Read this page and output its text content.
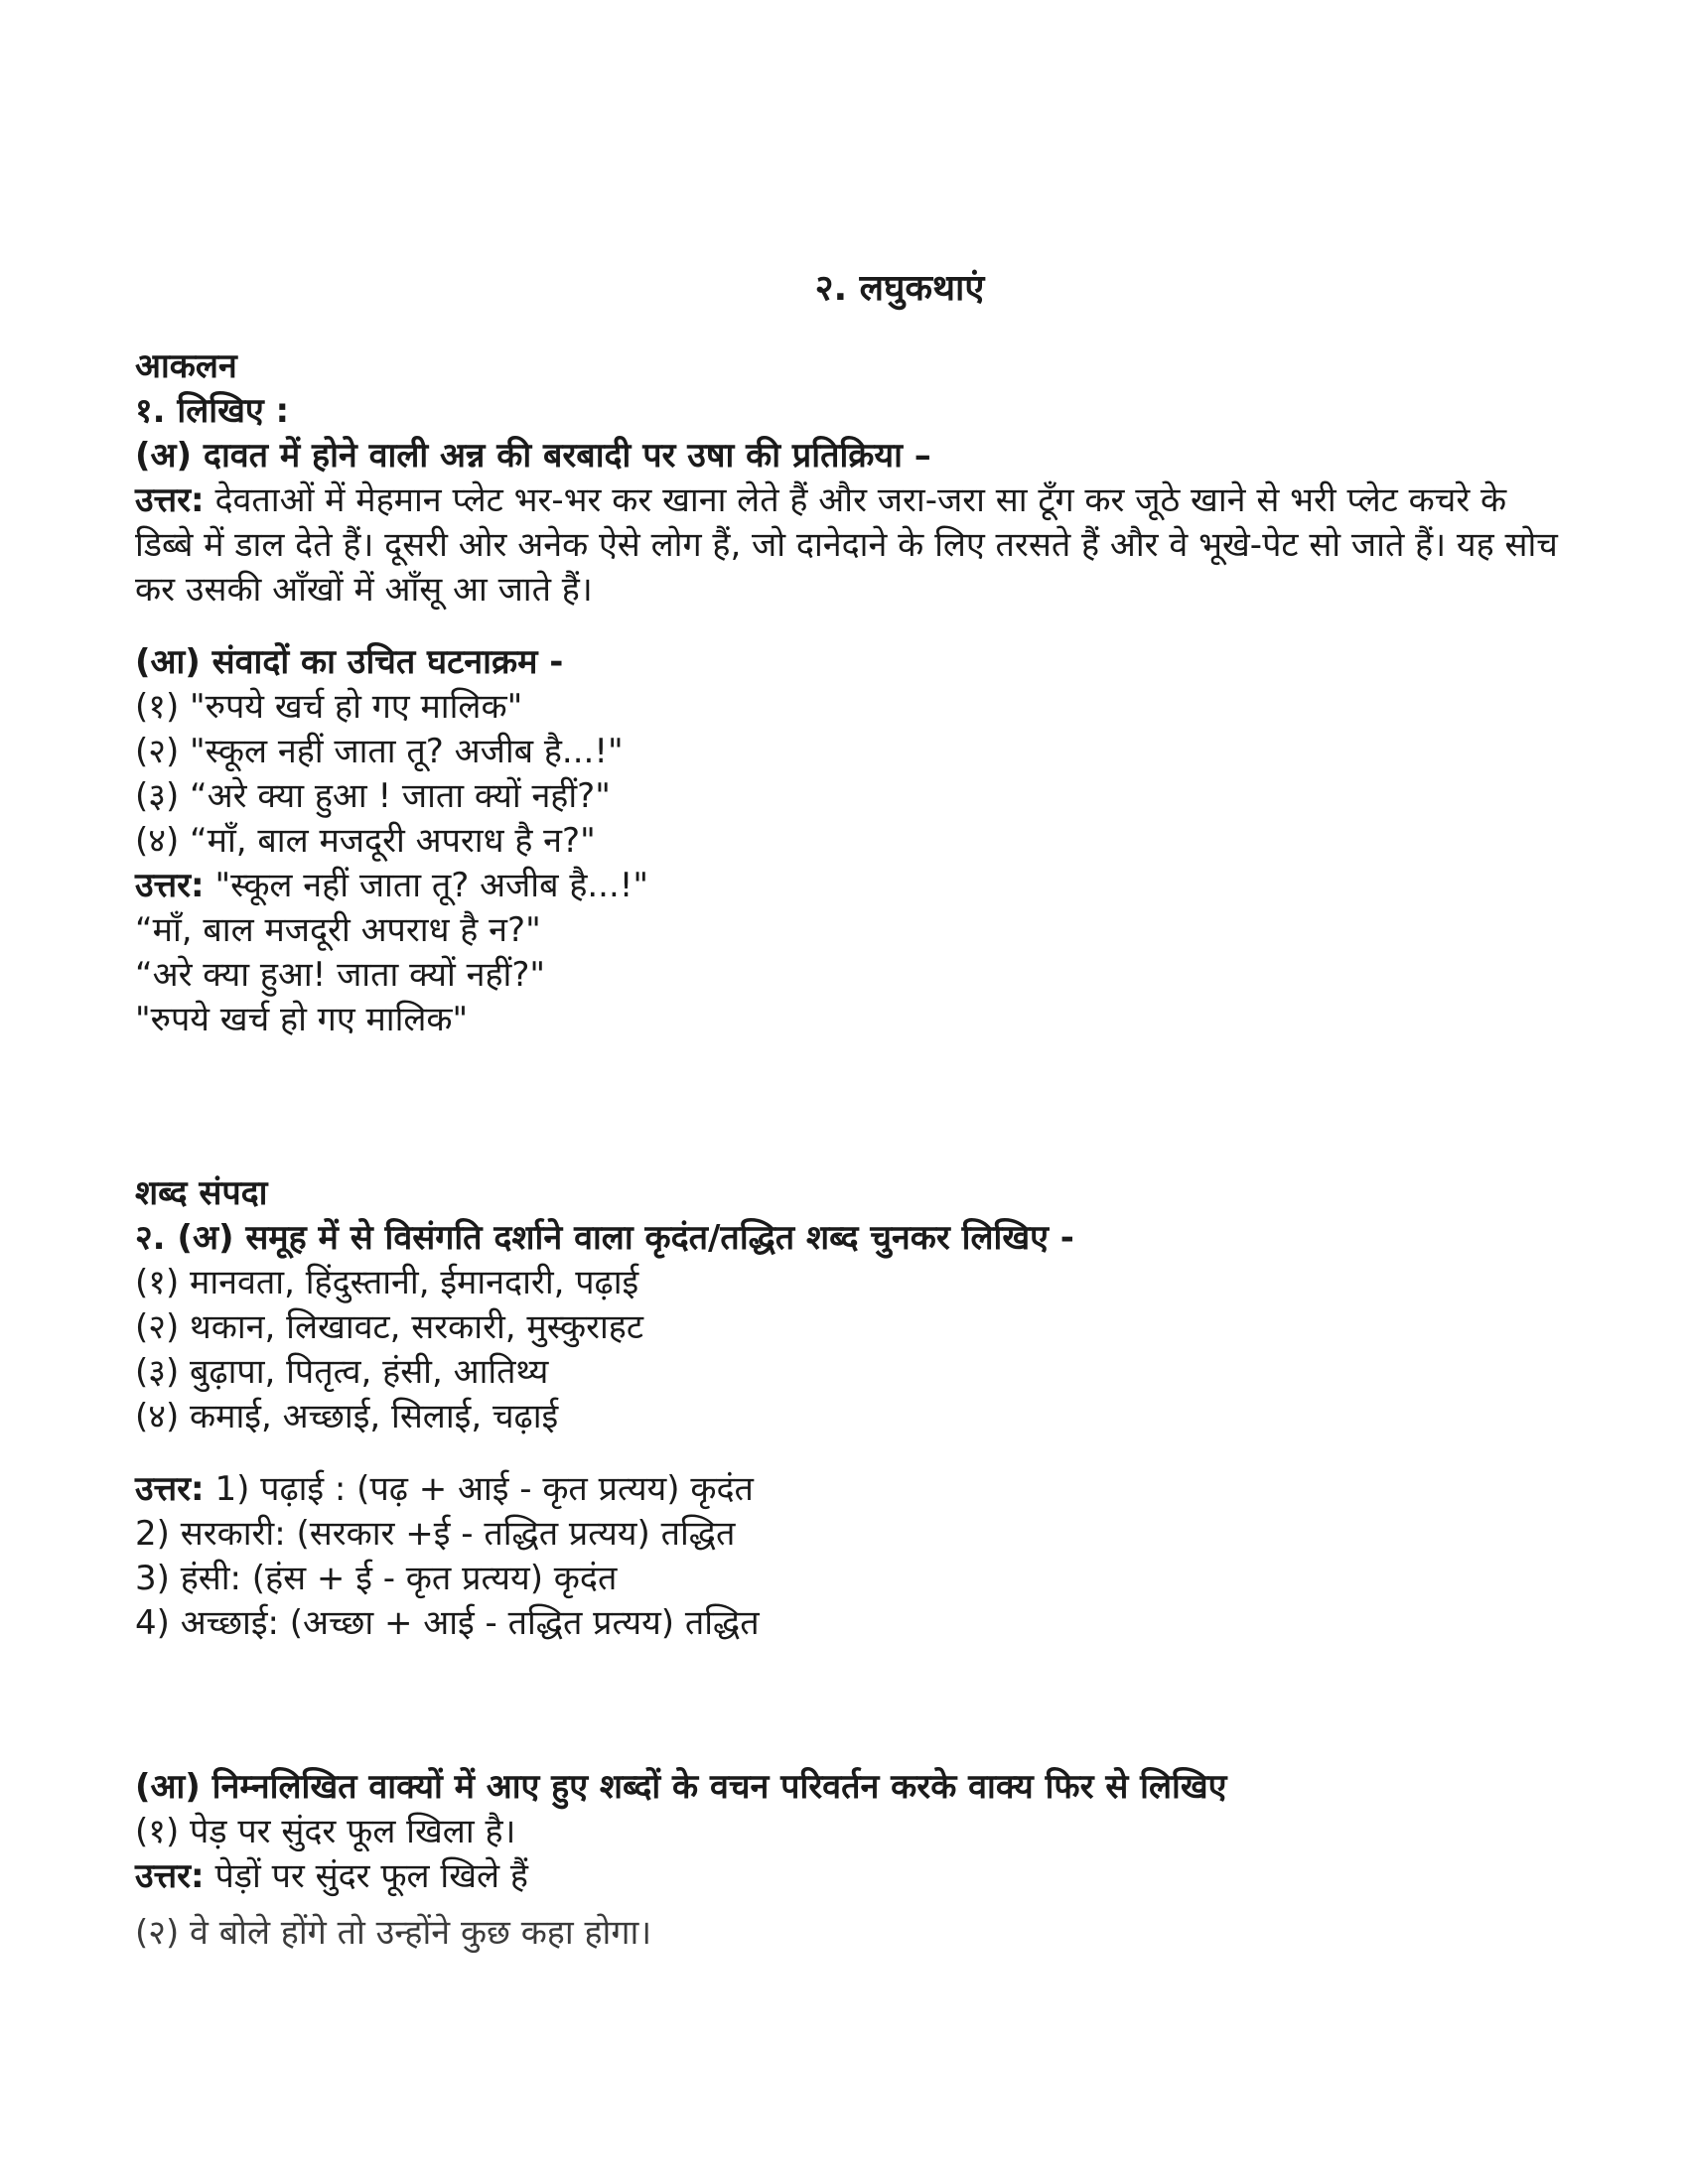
२. लघुकथाएं

आकलन

१. लिखिए :

(अ) दावत में होने वाली अन्न की बरबादी पर उषा की प्रतिक्रिया –

उत्तर: देवताओं में मेहमान प्लेट भर-भर कर खाना लेते हैं और जरा-जरा सा टूँग कर जूठे खाने से भरी प्लेट कचरे के डिब्बे में डाल देते हैं। दूसरी ओर अनेक ऐसे लोग हैं, जो दानेदाने के लिए तरसते हैं और वे भूखे-पेट सो जाते हैं। यह सोच कर उसकी आँखों में आँसू आ जाते हैं।

(आ) संवादों का उचित घटनाक्रम -

(१) "रुपये खर्च हो गए मालिक"

(२) "स्कूल नहीं जाता तू? अजीब है...!"

(३) “अरे क्या हुआ ! जाता क्यों नहीं?"

(४) “माँ, बाल मजदूरी अपराध है न?"

उत्तर: "स्कूल नहीं जाता तू? अजीब है...!"

“माँ, बाल मजदूरी अपराध है न?"

“अरे क्या हुआ! जाता क्यों नहीं?"

"रुपये खर्च हो गए मालिक"

शब्द संपदा

२. (अ) समूह में से विसंगति दर्शाने वाला कृदंत/तद्धित शब्द चुनकर लिखिए -

(१) मानवता, हिंदुस्तानी, ईमानदारी, पढ़ाई

(२) थकान, लिखावट, सरकारी, मुस्कुराहट

(३) बुढ़ापा, पितृत्व, हंसी, आतिथ्य

(४) कमाई, अच्छाई, सिलाई, चढ़ाई

उत्तर: 1) पढ़ाई : (पढ़ + आई - कृत प्रत्यय) कृदंत

2) सरकारी: (सरकार +ई - तद्धित प्रत्यय) तद्धित

3) हंसी: (हंस + ई - कृत प्रत्यय) कृदंत

4) अच्छाई: (अच्छा + आई - तद्धित प्रत्यय) तद्धित

(आ) निम्नलिखित वाक्यों में आए हुए शब्दों के वचन परिवर्तन करके वाक्य फिर से लिखिए

(१) पेड़ पर सुंदर फूल खिला है।

उत्तर: पेड़ों पर सुंदर फूल खिले हैं

(२) वे बोले होंगे तो उन्होंने कुछ कहा होगा।
